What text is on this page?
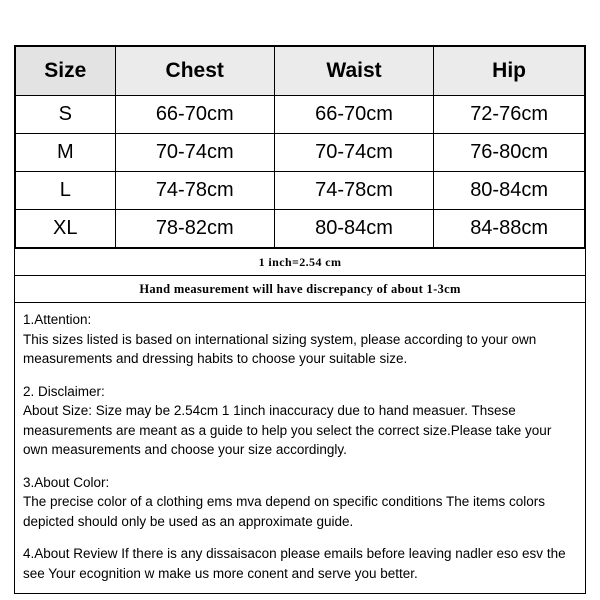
Size	Chest	Waist	Hip
S	66-70cm	66-70cm	72-76cm
M	70-74cm	70-74cm	76-80cm
L	74-78cm	74-78cm	80-84cm
XL	78-82cm	80-84cm	84-88cm
1 inch=2.54 cm
Hand measurement will have discrepancy of about 1-3cm
1.Attention:
This sizes listed is based on international sizing system, please according to your own measurements and dressing habits to choose your suitable size.
2. Disclaimer:
About Size: Size may be 2.54cm 1 1inch inaccuracy due to hand measuer. Thsese measurements are meant as a guide to help you select the correct size.Please take your own measurements and choose your size accordingly.
3.About Color:
The precise color of a clothing ems mva depend on specific conditions The items colors depicted should only be used as an approximate guide.
4.About Review If there is any dissaisacon please emails before leaving nadler eso esv the see Your ecognition w make us more conent and serve you better.
